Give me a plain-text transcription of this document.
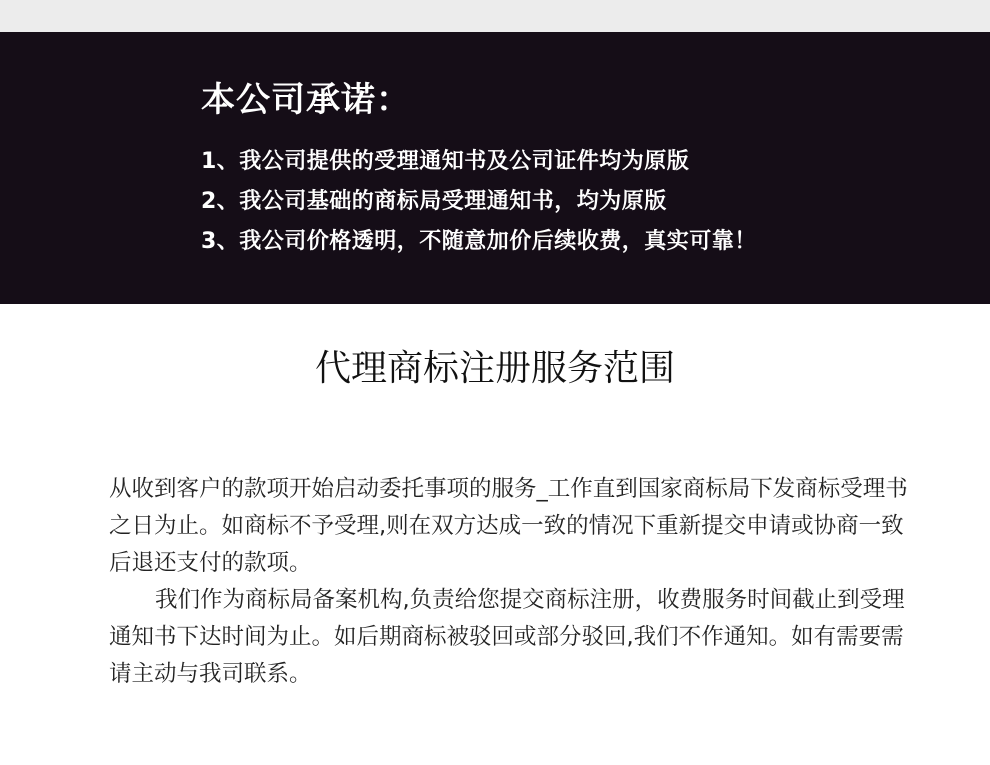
本公司承诺：
1、我公司提供的受理通知书及公司证件均为原版
2、我公司基础的商标局受理通知书，均为原版
3、我公司价格透明，不随意加价后续收费，真实可靠！
代理商标注册服务范围

从收到客户的款项开始启动委托事项的服务_工作直到国家商标局下发商标受理书之日为止。如商标不予受理,则在双方达成一致的情况下重新提交申请或协商一致后退还支付的款项。

我们作为商标局备案机构,负责给您提交商标注册，收费服务时间截止到受理通知书下达时间为止。如后期商标被驳回或部分驳回,我们不作通知。如有需要需请主动与我司联系。
